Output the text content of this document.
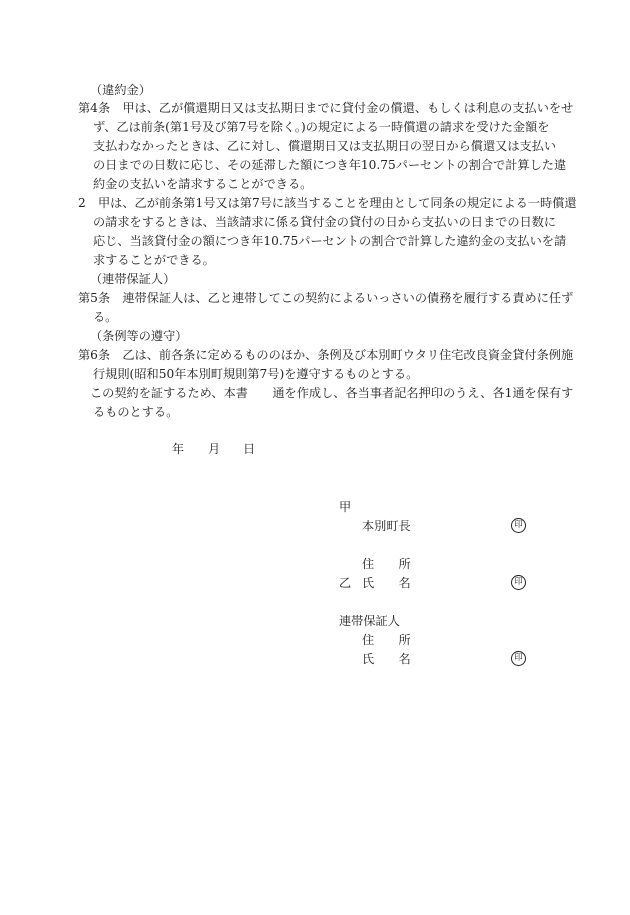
（違約金）
第4条　甲は、乙が償還期日又は支払期日までに貸付金の償還、もしくは利息の支払いをせ
ず、乙は前条(第1号及び第7号を除く。)の規定による一時償還の請求を受けた金額を
支払わなかったときは、乙に対し、償還期日又は支払期日の翌日から償還又は支払い
の日までの日数に応じ、その延滞した額につき年10.75パーセントの割合で計算した違
約金の支払いを請求することができる。
2　甲は、乙が前条第1号又は第7号に該当することを理由として同条の規定による一時償還
の請求をするときは、当該請求に係る貸付金の貸付の日から支払いの日までの日数に
応じ、当該貸付金の額につき年10.75パーセントの割合で計算した違約金の支払いを請
求することができる。
（連帯保証人）
第5条　連帯保証人は、乙と連帯してこの契約によるいっさいの債務を履行する責めに任ず
る。
（条例等の遵守）
第6条　乙は、前各条に定めるもののほか、条例及び本別町ウタリ住宅改良資金貸付条例施
行規則(昭和50年本別町規則第7号)を遵守するものとする。
この契約を証するため、本書　　通を作成し、各当事者記名押印のうえ、各1通を保有す
るものとする。
年 月 日
甲
本別町長	印
住　　所
乙 氏　　名	印
連帯保証人
住　　所
氏　　名	印
